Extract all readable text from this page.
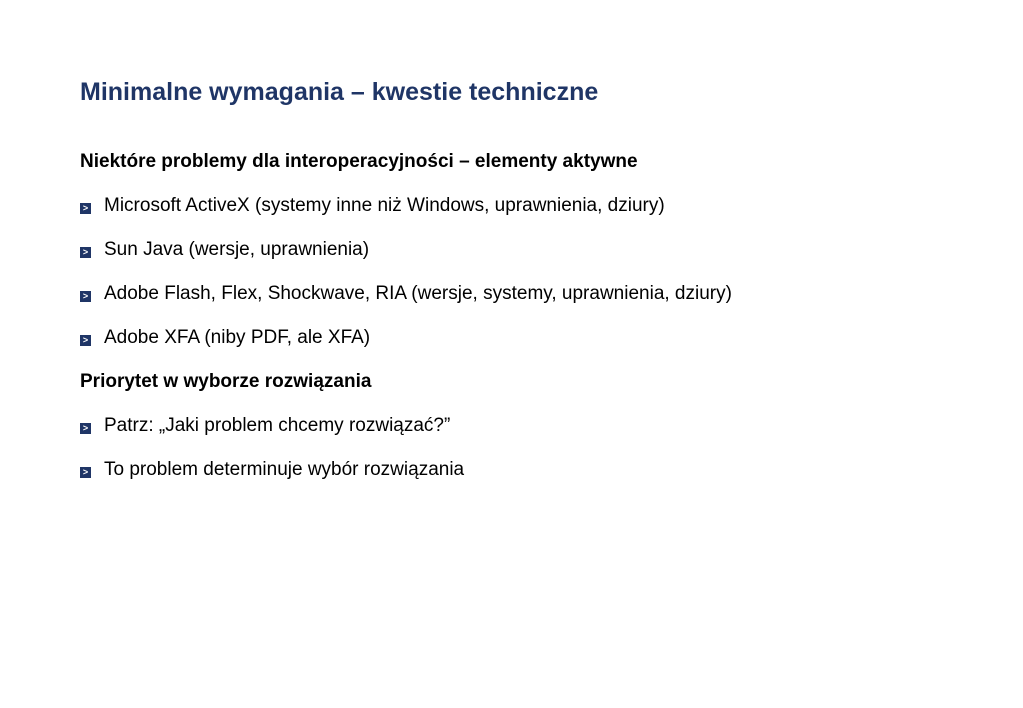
Minimalne wymagania – kwestie techniczne
Niektóre problemy dla interoperacyjności – elementy aktywne
> Microsoft ActiveX (systemy inne niż Windows, uprawnienia, dziury)
> Sun Java (wersje, uprawnienia)
> Adobe Flash, Flex, Shockwave, RIA (wersje, systemy, uprawnienia, dziury)
> Adobe XFA (niby PDF, ale XFA)
Priorytet w wyborze rozwiązania
> Patrz: „Jaki problem chcemy rozwiązać?”
> To problem determinuje wybór rozwiązania
